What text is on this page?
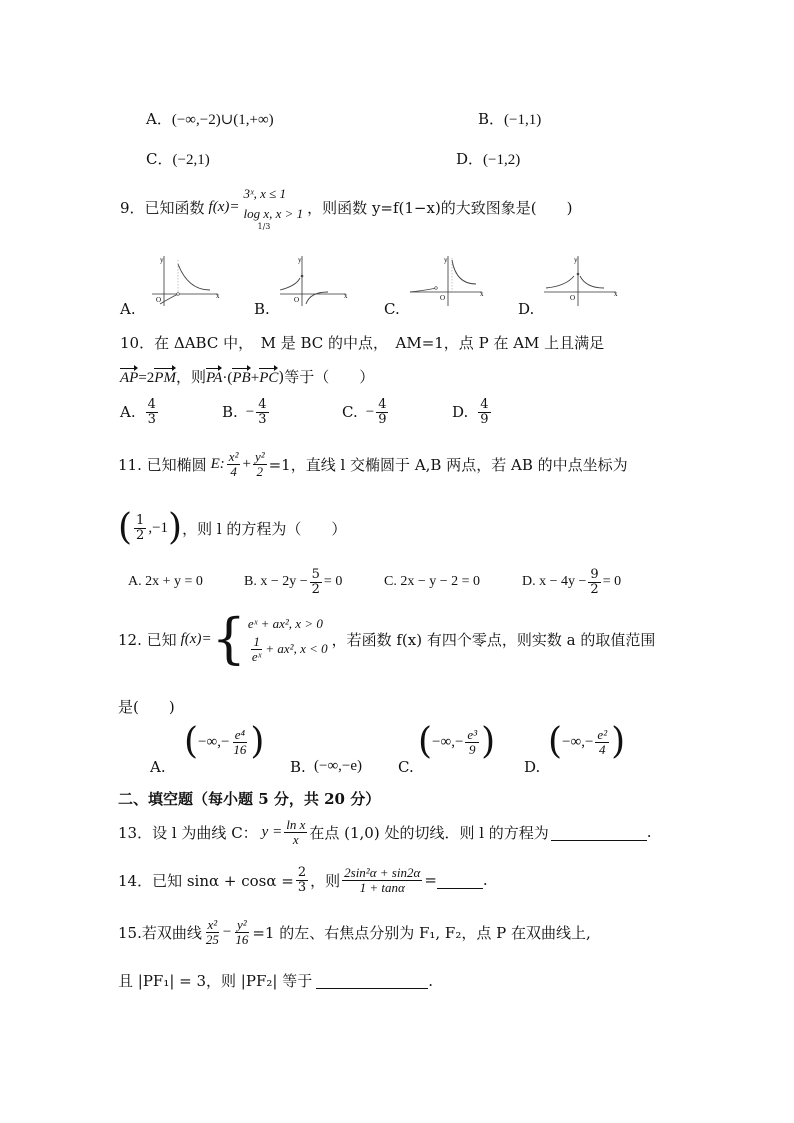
A．(−∞,−2)∪(1,+∞)	B．(−1,1)
C．(−2,1)	D．(−1,2)
9．已知函数 f(x)=
3ˣ, x ≤ 1
log x, x > 1
1/3
，则函数 y=f(1−x)的大致图象是(　　)
A.
y
x
O	B.
y
x
O	C.
y
x
O
D.
y
x
O
10．在 ΔABC 中，　M 是 BC 的中点，　AM=1，点 P 在 AM 上且满足
AP=2PM，则PA·(PB+PC)等于（　　）
A. $\frac{4}{3}$	B. − $\frac{4}{3}$	C. − $\frac{4}{9}$	D. $\frac{4}{9}$
11. 已知椭圆 E: $\frac{\text{x²}}{4} + \frac{\text{y²}}{2} =1$，直线 l 交椭圆于 A,B 两点，若 AB 的中点坐标为
( $\frac{1}{2} ,-1$ ) ，则 l 的方程为（　　）
A. 2x + y = 0	B. $x - 2y - \frac{5}{2} = 0$	C. 2x − y − 2 = 0	D. $x - 4y - \frac{9}{2} = 0$
12. 已知 f(x)= { eˣ + ax², x > 0
$\frac{1}{\text{eˣ}} + ax^2$, x < 0 ，若函数 f(x) 有四个零点，则实数 a 的取值范围
是(　　)
A.
( −∞,− $\frac{\text{e⁴}}{16}$ )
B. (−∞,−e) C.
( −∞,− $\frac{\text{e³}}{9}$ )
D.
( −∞,− $\frac{\text{e²}}{4}$ )
二、填空题（每小题 5 分，共 20 分）
13．设 l 为曲线 C： $y = \frac{\text{ln x}}{x}$ 在点 (1,0) 处的切线．则 l 的方程为	.
14．已知 $\sin\alpha + \cos\alpha = \frac{2}{3}$ ，则 $\frac{\text{2sin²α + sin2α}}{1 + \tan\alpha}$ =	.
15.若双曲线 $\frac{\text{x²}}{25} - \frac{\text{y²}}{16} =1$ 的左、右焦点分别为 F₁, F₂，点 P 在双曲线上,
且 |PF₁| = 3，则 |PF₂| 等于	.
